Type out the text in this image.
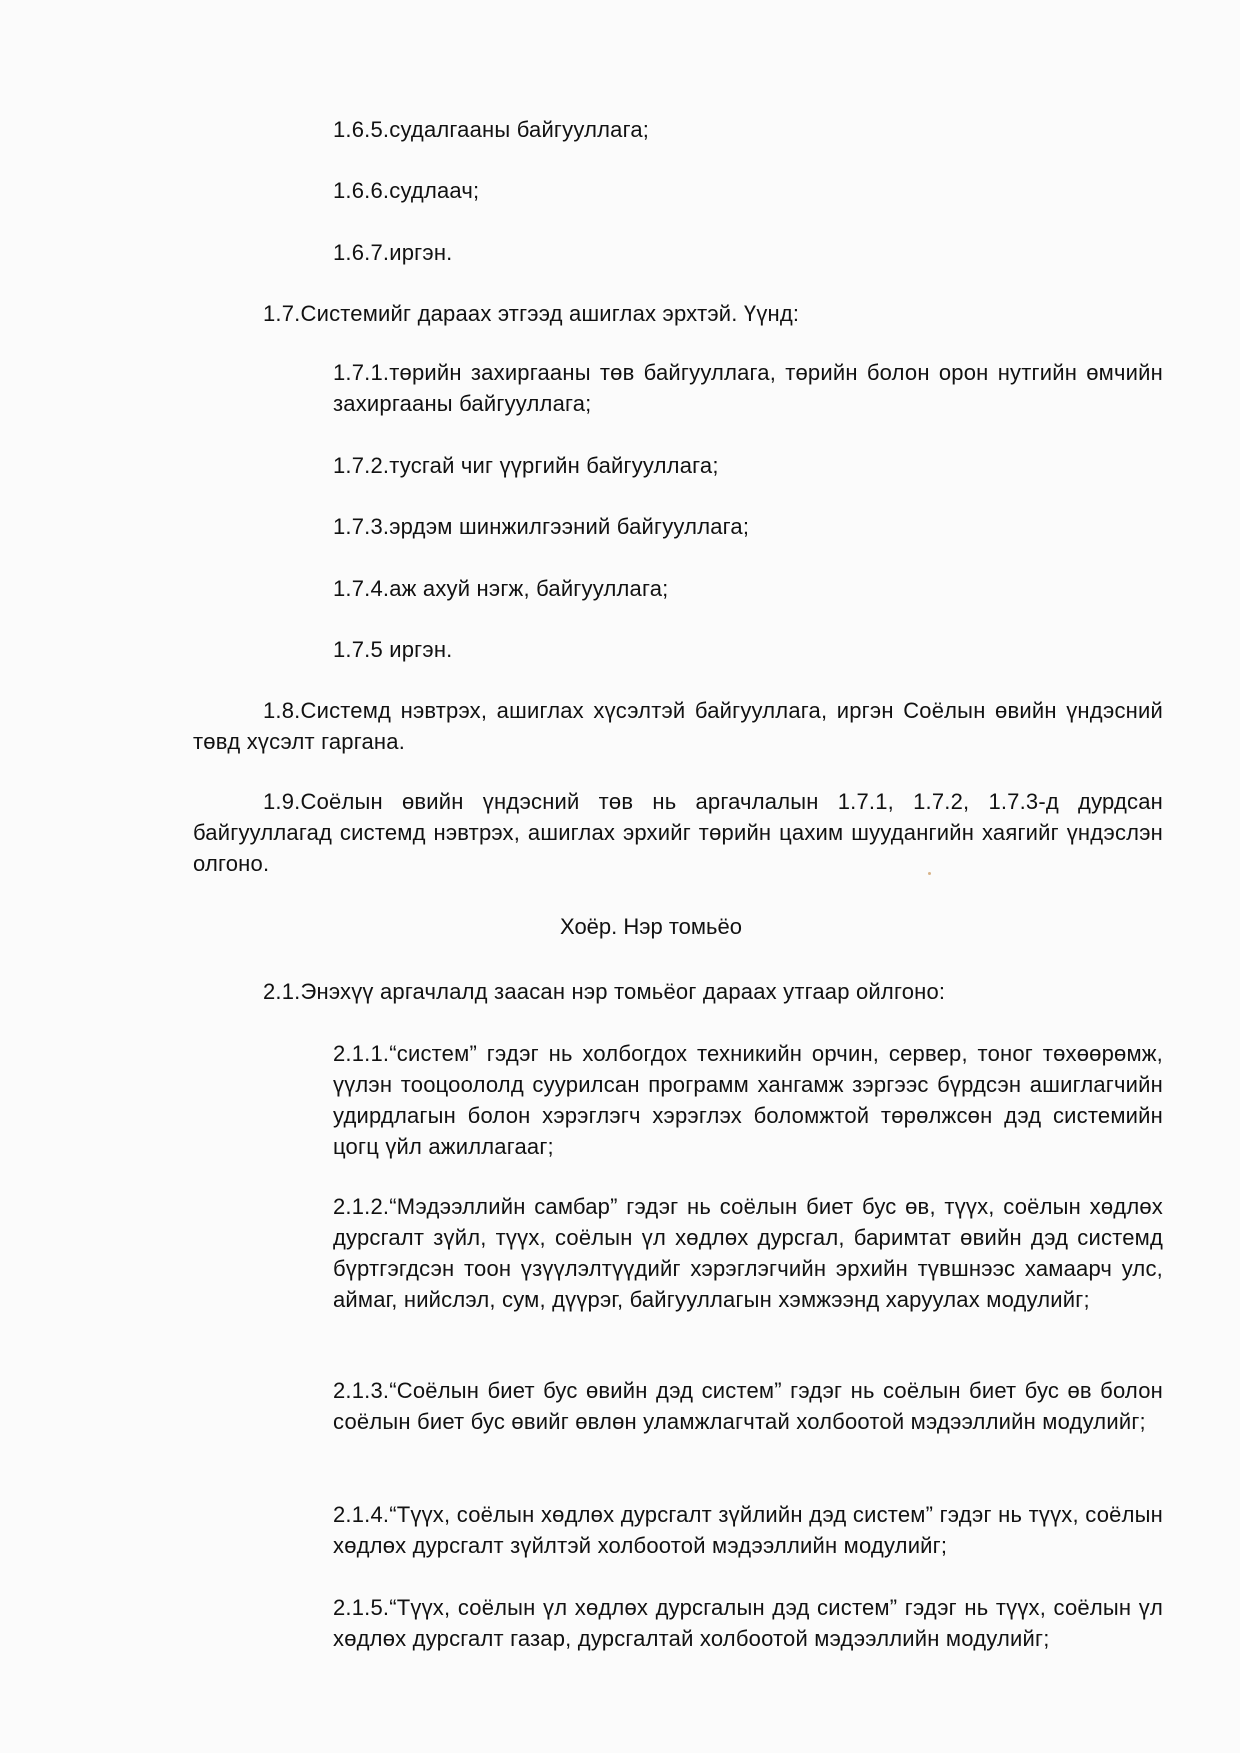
1.6.5.судалгааны байгууллага;
1.6.6.судлаач;
1.6.7.иргэн.
1.7.Системийг дараах этгээд ашиглах эрхтэй. Үүнд:
1.7.1.төрийн захиргааны төв байгууллага, төрийн болон орон нутгийн өмчийн захиргааны байгууллага;
1.7.2.тусгай чиг үүргийн байгууллага;
1.7.3.эрдэм шинжилгээний байгууллага;
1.7.4.аж ахуй нэгж, байгууллага;
1.7.5 иргэн.
1.8.Системд нэвтрэх, ашиглах хүсэлтэй байгууллага, иргэн Соёлын өвийн үндэсний төвд хүсэлт гаргана.
1.9.Соёлын өвийн үндэсний төв нь аргачлалын 1.7.1, 1.7.2, 1.7.3-д дурдсан байгууллагад системд нэвтрэх, ашиглах эрхийг төрийн цахим шуудангийн хаягийг үндэслэн олгоно.
Хоёр. Нэр томьёо
2.1.Энэхүү аргачлалд заасан нэр томьёог дараах утгаар ойлгоно:
2.1.1.“систем” гэдэг нь холбогдох техникийн орчин, сервер, тоног төхөөрөмж, үүлэн тооцоололд суурилсан программ хангамж зэргээс бүрдсэн ашиглагчийн удирдлагын болон хэрэглэгч хэрэглэх боломжтой төрөлжсөн дэд системийн цогц үйл ажиллагааг;
2.1.2.“Мэдээллийн самбар” гэдэг нь соёлын биет бус өв, түүх, соёлын хөдлөх дурсгалт зүйл, түүх, соёлын үл хөдлөх дурсгал, баримтат өвийн дэд системд бүртгэгдсэн тоон үзүүлэлтүүдийг хэрэглэгчийн эрхийн түвшнээс хамаарч улс, аймаг, нийслэл, сум, дүүрэг, байгууллагын хэмжээнд харуулах модулийг;
2.1.3.“Соёлын биет бус өвийн дэд систем” гэдэг нь соёлын биет бус өв болон соёлын биет бус өвийг өвлөн уламжлагчтай холбоотой мэдээллийн модулийг;
2.1.4.“Түүх, соёлын хөдлөх дурсгалт зүйлийн дэд систем” гэдэг нь түүх, соёлын хөдлөх дурсгалт зүйлтэй холбоотой мэдээллийн модулийг;
2.1.5.“Түүх, соёлын үл хөдлөх дурсгалын дэд систем” гэдэг нь түүх, соёлын үл хөдлөх дурсгалт газар, дурсгалтай холбоотой мэдээллийн модулийг;
